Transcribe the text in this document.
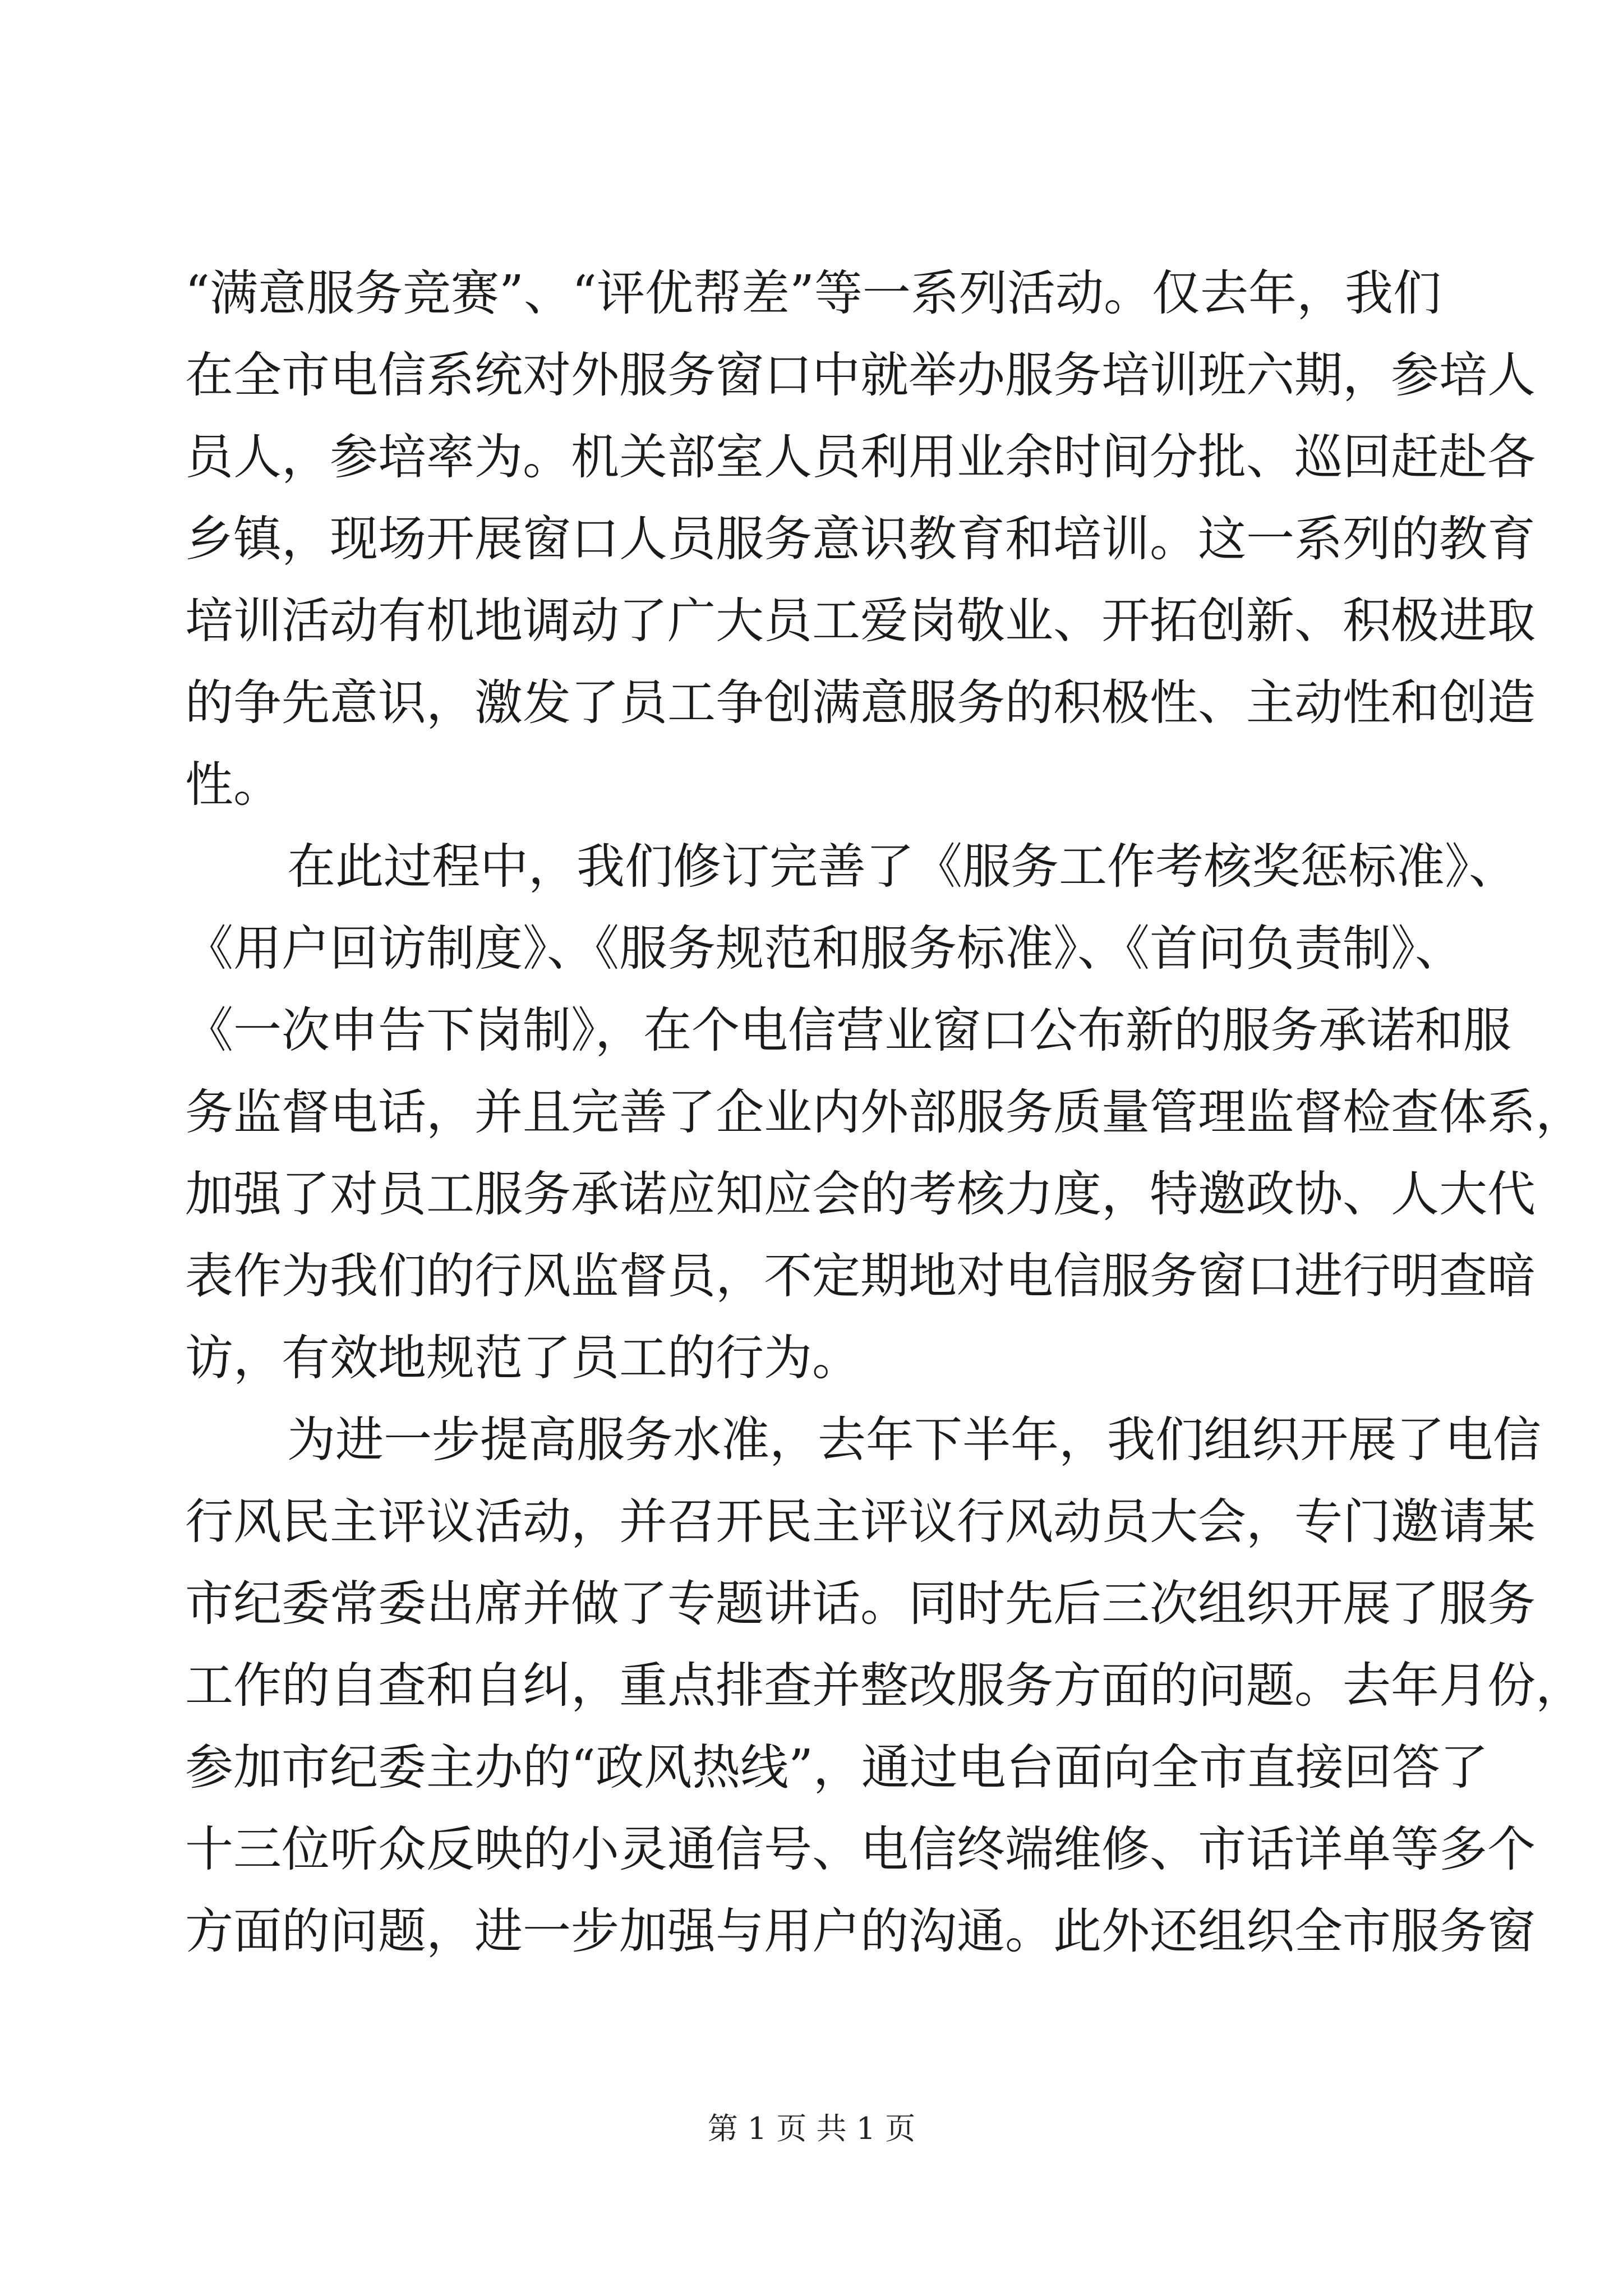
“满意服务竞赛”、“评优帮差”等一系列活动。仅去年，我们
在全市电信系统对外服务窗口中就举办服务培训班六期，参培人
员人，参培率为。机关部室人员利用业余时间分批、巡回赶赴各
乡镇，现场开展窗口人员服务意识教育和培训。这一系列的教育
培训活动有机地调动了广大员工爱岗敬业、开拓创新、积极进取
的争先意识，激发了员工争创满意服务的积极性、主动性和创造
性。
在此过程中，我们修订完善了《服务工作考核奖惩标准》、
《用户回访制度》、《服务规范和服务标准》、《首问负责制》、
《一次申告下岗制》，在个电信营业窗口公布新的服务承诺和服
务监督电话，并且完善了企业内外部服务质量管理监督检查体系，
加强了对员工服务承诺应知应会的考核力度，特邀政协、人大代
表作为我们的行风监督员，不定期地对电信服务窗口进行明查暗
访，有效地规范了员工的行为。
为进一步提高服务水准，去年下半年，我们组织开展了电信
行风民主评议活动，并召开民主评议行风动员大会，专门邀请某
市纪委常委出席并做了专题讲话。同时先后三次组织开展了服务
工作的自查和自纠，重点排查并整改服务方面的问题。去年月份，
参加市纪委主办的“政风热线”，通过电台面向全市直接回答了
十三位听众反映的小灵通信号、电信终端维修、市话详单等多个
方面的问题，进一步加强与用户的沟通。此外还组织全市服务窗
第 1 页 共 1 页
